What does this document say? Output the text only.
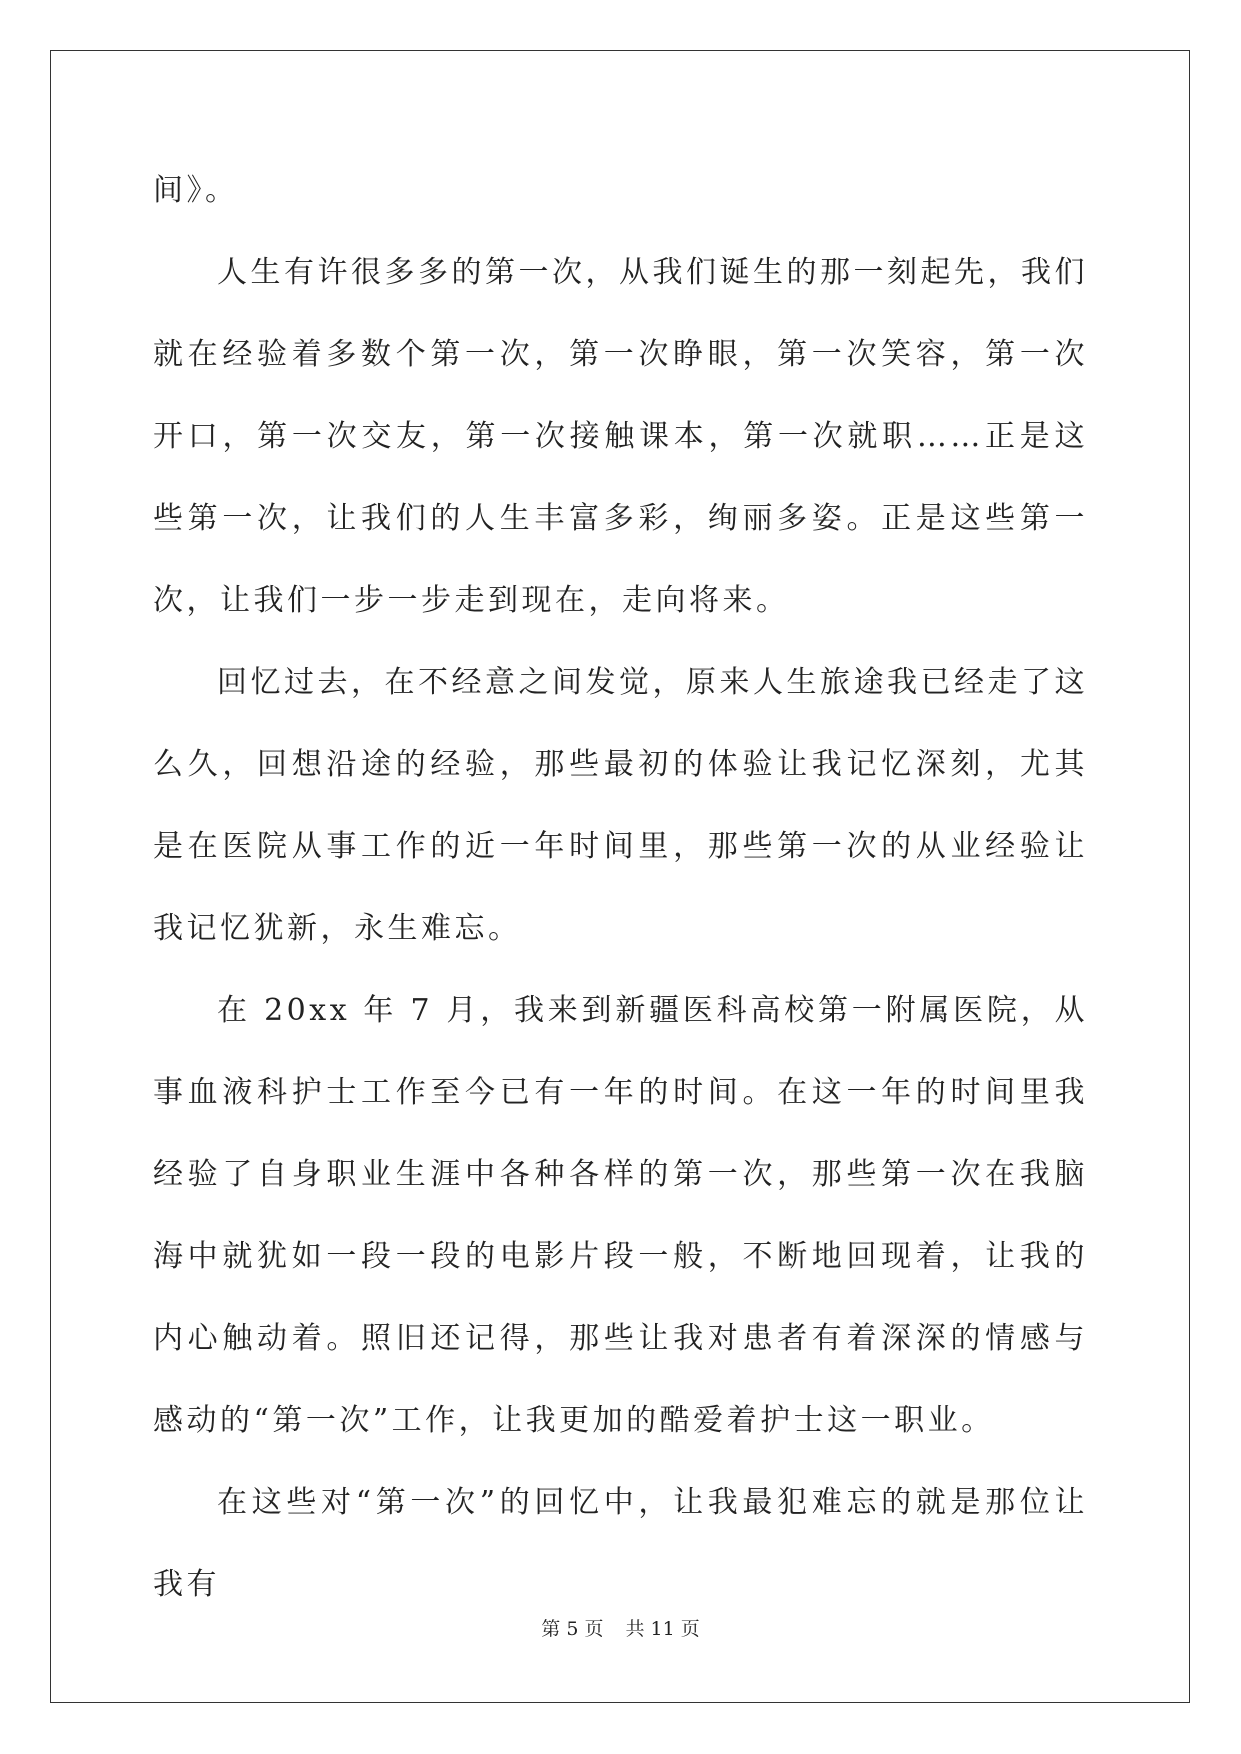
间》。

人生有许很多多的第一次，从我们诞生的那一刻起先，我们就在经验着多数个第一次，第一次睁眼，第一次笑容，第一次开口，第一次交友，第一次接触课本，第一次就职……正是这些第一次，让我们的人生丰富多彩，绚丽多姿。正是这些第一次，让我们一步一步走到现在，走向将来。

回忆过去，在不经意之间发觉，原来人生旅途我已经走了这么久，回想沿途的经验，那些最初的体验让我记忆深刻，尤其是在医院从事工作的近一年时间里，那些第一次的从业经验让我记忆犹新，永生难忘。

在 20xx 年 7 月，我来到新疆医科高校第一附属医院，从事血液科护士工作至今已有一年的时间。在这一年的时间里我经验了自身职业生涯中各种各样的第一次，那些第一次在我脑海中就犹如一段一段的电影片段一般，不断地回现着，让我的内心触动着。照旧还记得，那些让我对患者有着深深的情感与感动的“第一次”工作，让我更加的酷爱着护士这一职业。

在这些对“第一次”的回忆中，让我最犯难忘的就是那位让我有

第 5 页 共 11 页
